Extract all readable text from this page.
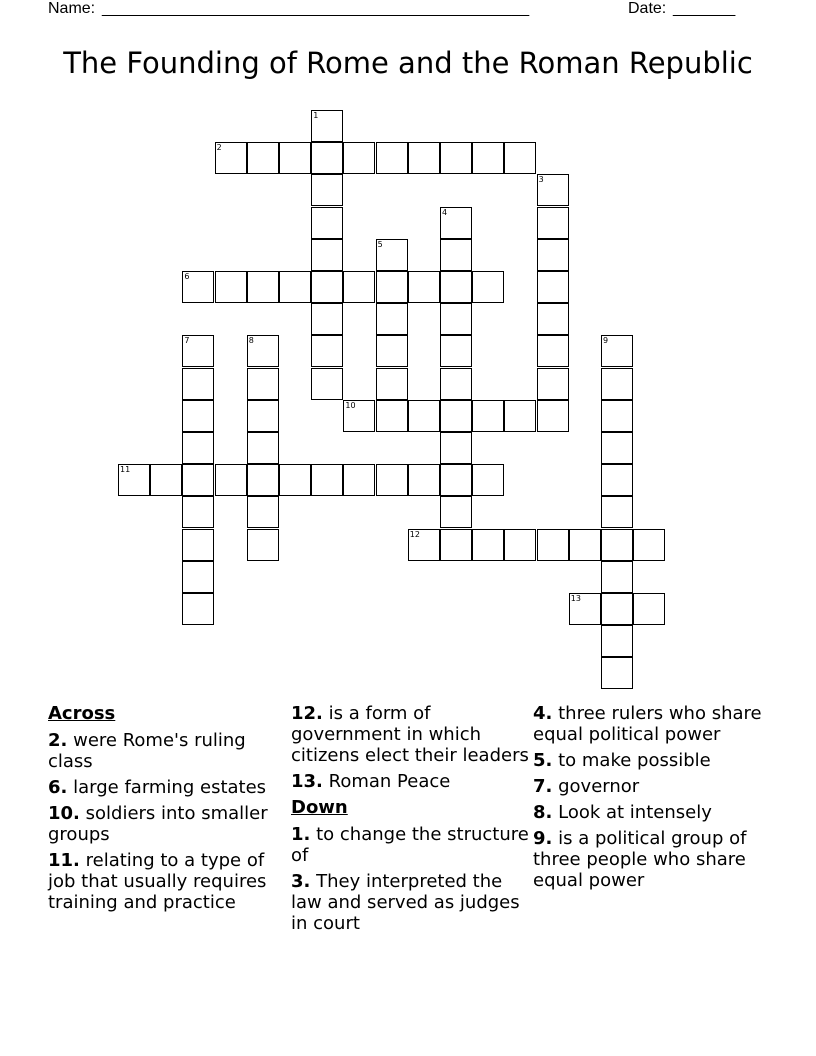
Name: ________________________________________________	Date: _______
The Founding of Rome and the Roman Republic
1
2
3
4
5
6
7	8	9
10
11
12
13
Across
2. were Rome's ruling class
6. large farming estates
10. soldiers into smaller groups
11. relating to a type of job that usually requires training and practice
12. is a form of government in which citizens elect their leaders
13. Roman Peace
Down
1. to change the structure of
3. They interpreted the law and served as judges in court
4. three rulers who share equal political power
5. to make possible
7. governor
8. Look at intensely
9. is a political group of three people who share equal power
